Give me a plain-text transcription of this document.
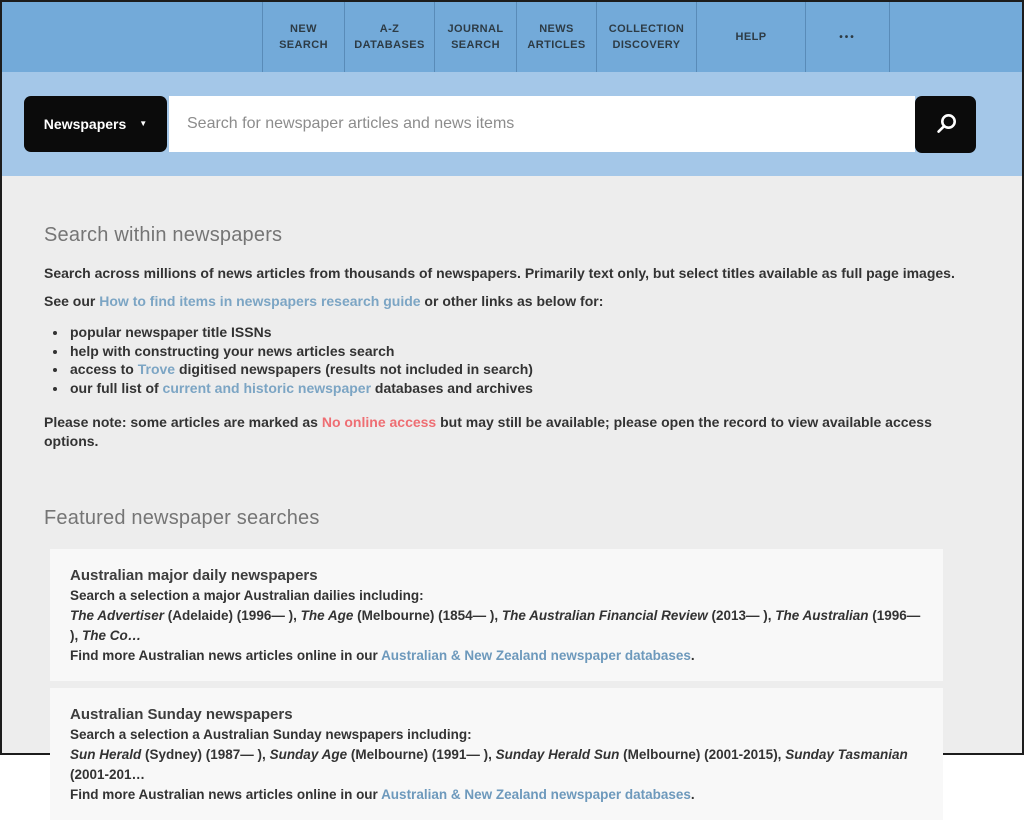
NEW
SEARCH
A-Z
DATABASES
JOURNAL
SEARCH
NEWS
ARTICLES
COLLECTION
DISCOVERY
HELP	•••
Newspapers ▼
Search for newspaper articles and news items
Search within newspapers

Search across millions of news articles from thousands of newspapers. Primarily text only, but select titles available as full page images.

See our How to find items in newspapers research guide or other links as below for:

• popular newspaper title ISSNs
• help with constructing your news articles search
• access to Trove digitised newspapers (results not included in search)
• our full list of current and historic newspaper databases and archives

Please note: some articles are marked as No online access but may still be available; please open the record to view available access options.

Featured newspaper searches
Australian major daily newspapers
Search a selection a major Australian dailies including:
The Advertiser (Adelaide) (1996— ), The Age (Melbourne) (1854— ), The Australian Financial Review (2013— ), The Australian (1996— ), The Co…
Find more Australian news articles online in our Australian & New Zealand newspaper databases.
Australian Sunday newspapers
Search a selection a Australian Sunday newspapers including:
Sun Herald (Sydney) (1987— ), Sunday Age (Melbourne) (1991— ), Sunday Herald Sun (Melbourne) (2001-2015), Sunday Tasmanian (2001-201…
Find more Australian news articles online in our Australian & New Zealand newspaper databases.
